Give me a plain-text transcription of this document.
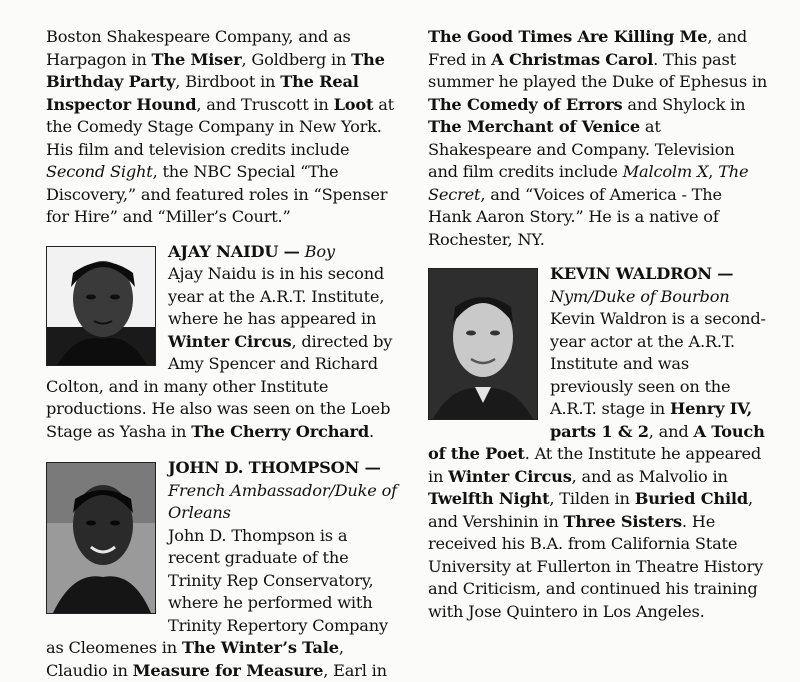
Boston Shakespeare Company, and as Harpagon in The Miser, Goldberg in The Birthday Party, Birdboot in The Real Inspector Hound, and Truscott in Loot at the Comedy Stage Company in New York. His film and television credits include Second Sight, the NBC Special “The Discovery,” and featured roles in “Spenser for Hire” and “Miller’s Court.”

AJAY NAIDU — Boy

Ajay Naidu is in his second year at the A.R.T. Institute, where he has appeared in Winter Circus, directed by Amy Spencer and Richard Colton, and in many other Institute productions. He also was seen on the Loeb Stage as Yasha in The Cherry Orchard.

JOHN D. THOMPSON —
French Ambassador/Duke of Orleans

John D. Thompson is a recent graduate of the Trinity Rep Conservatory, where he performed with Trinity Repertory Company as Cleomenes in The Winter’s Tale, Claudio in Measure for Measure, Earl in

The Good Times Are Killing Me, and Fred in A Christmas Carol. This past summer he played the Duke of Ephesus in The Comedy of Errors and Shylock in The Merchant of Venice at Shakespeare and Company. Television and film credits include Malcolm X, The Secret, and “Voices of America - The Hank Aaron Story.” He is a native of Rochester, NY.

KEVIN WALDRON —
Nym/Duke of Bourbon

Kevin Waldron is a second-year actor at the A.R.T. Institute and was previously seen on the A.R.T. stage in Henry IV, parts 1 & 2, and A Touch of the Poet. At the Institute he appeared in Winter Circus, and as Malvolio in Twelfth Night, Tilden in Buried Child, and Vershinin in Three Sisters. He received his B.A. from California State University at Fullerton in Theatre History and Criticism, and continued his training with Jose Quintero in Los Angeles.
